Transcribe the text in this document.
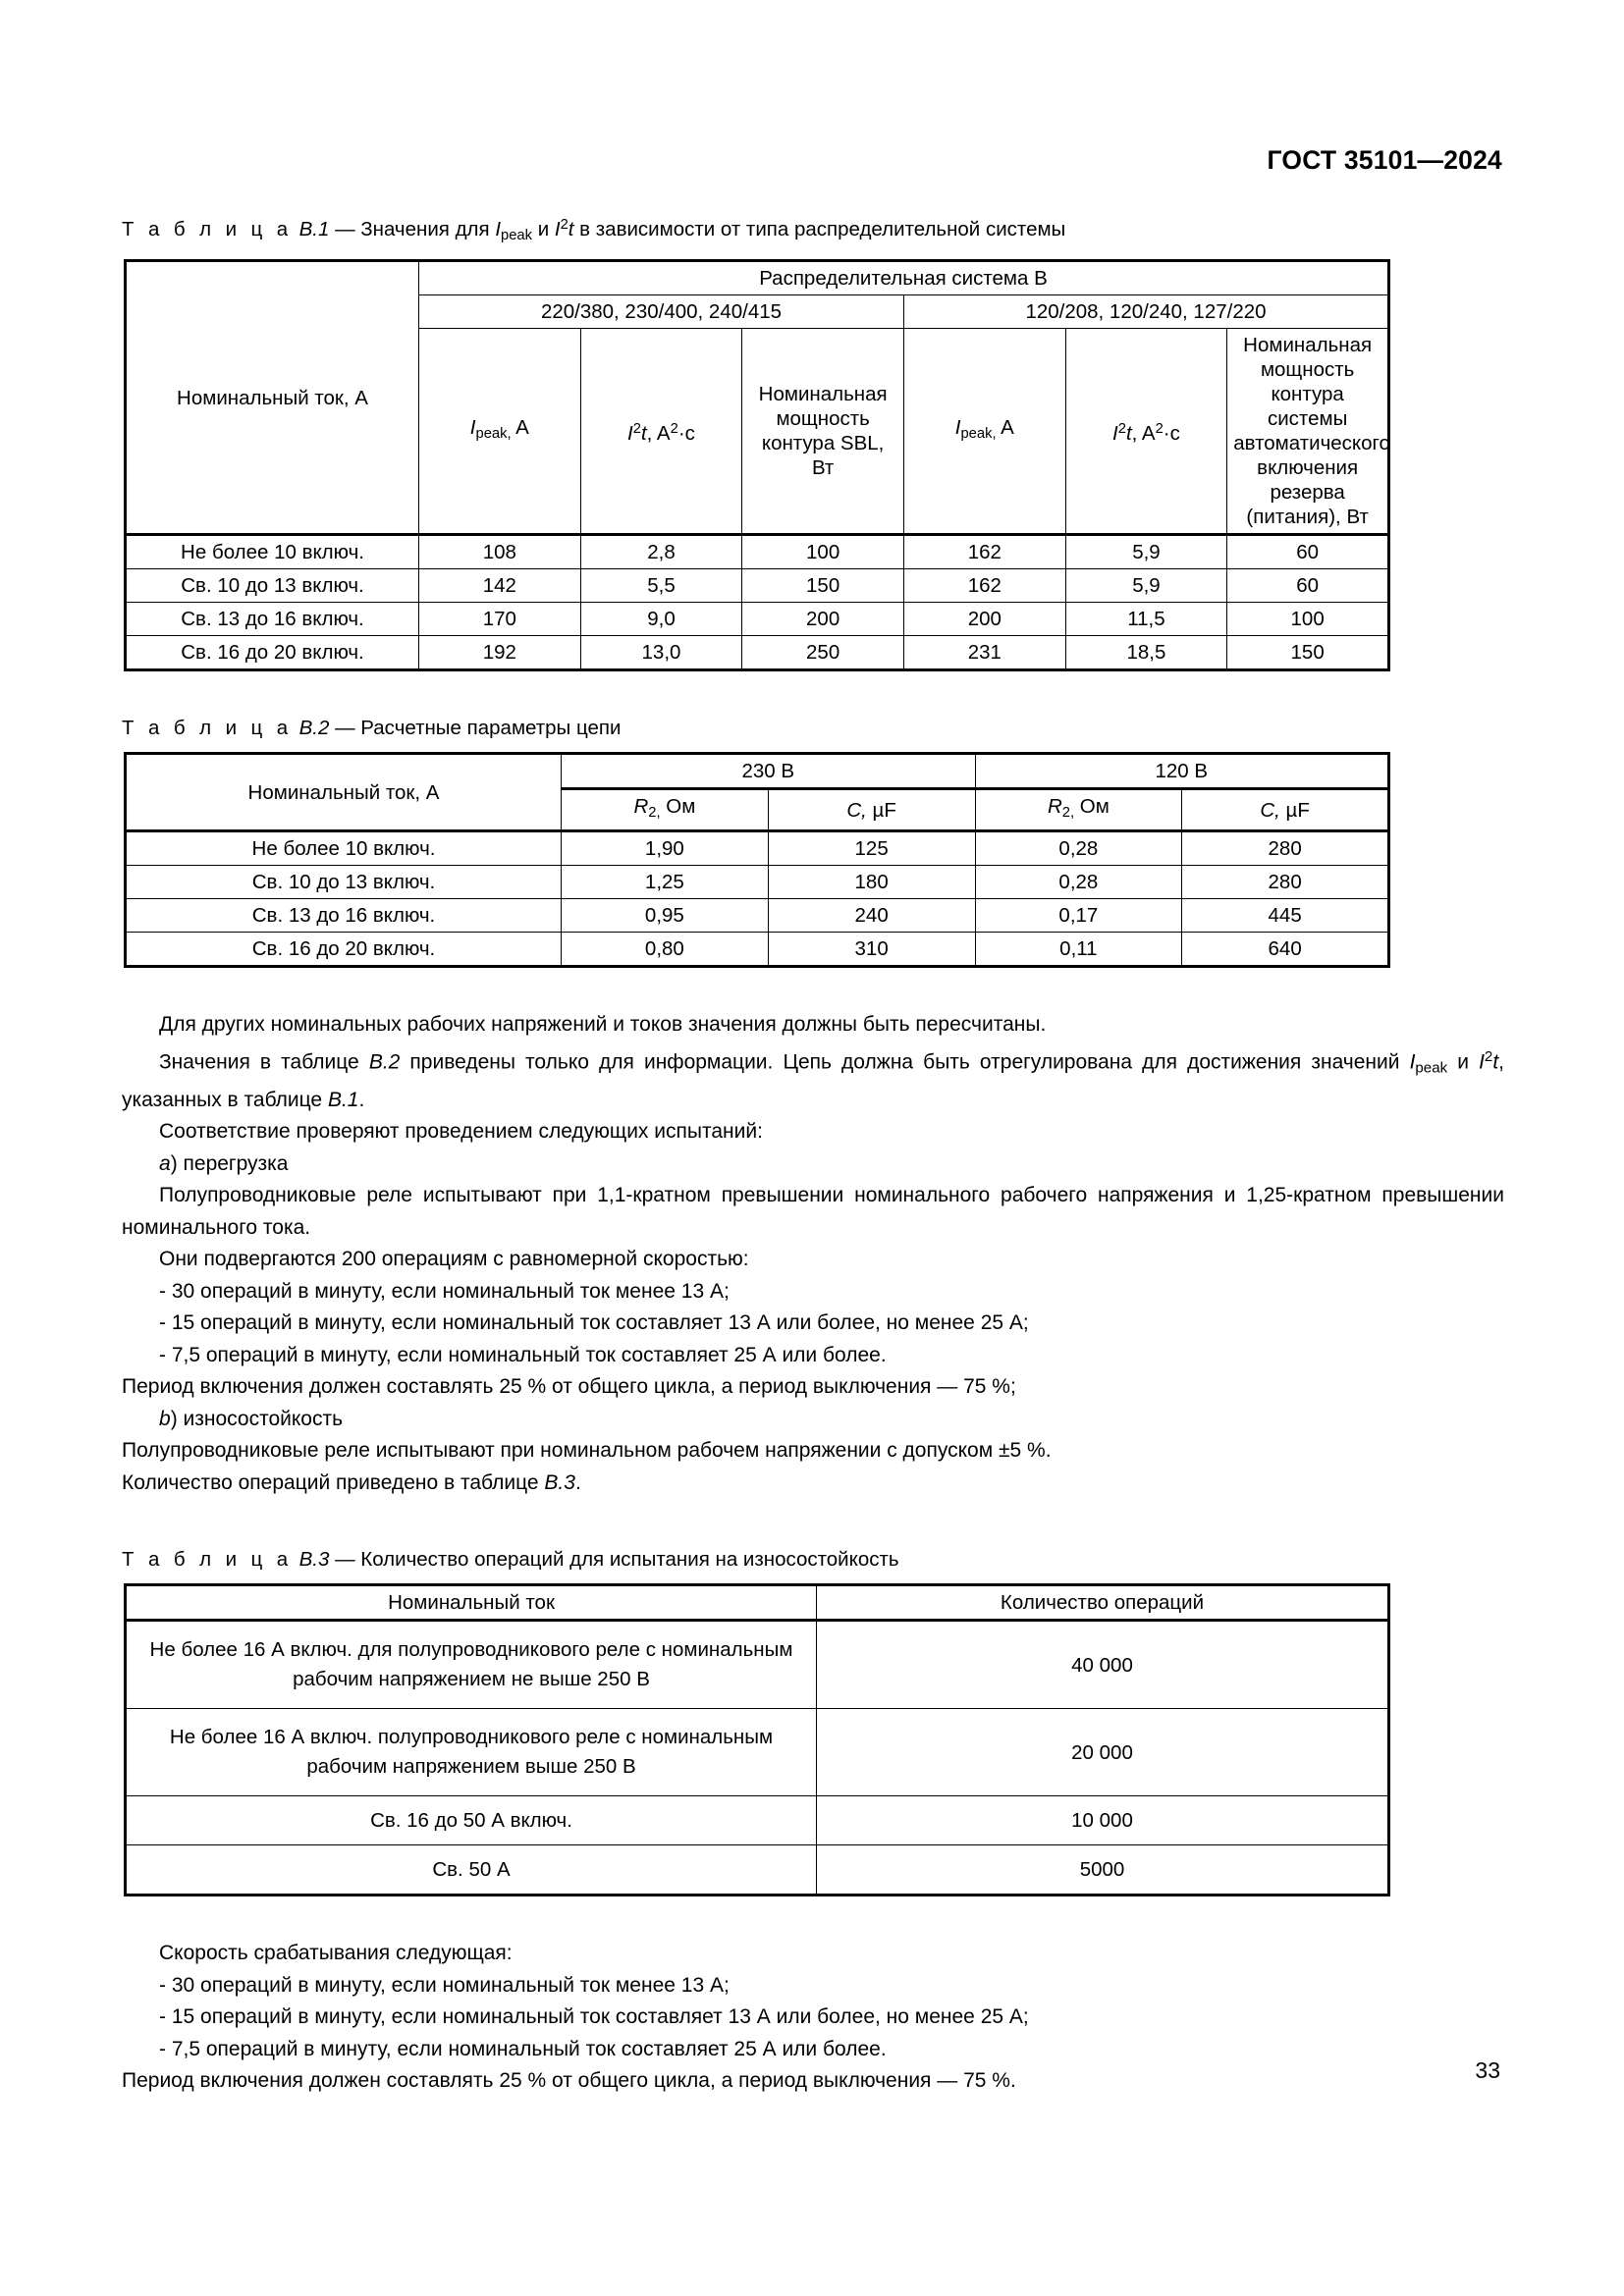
ГОСТ 35101—2024
Т а б л и ц а В.1 — Значения для $I_{peak}$ и $I^2t$ в зависимости от типа распределительной системы
Номинальный ток, А	Распределительная система В					
	220/380, 230/400, 240/415			120/208, 120/240, 127/220		
	$I_{peak,}$ A	$I^2t$, $A^2\cdot c$	Номинальная мощность контура SBL, Вт	$I_{peak,}$ A	$I^2t$, $A^2\cdot c$	Номинальная мощность контура системы автоматического включения резерва (питания), Вт
Не более 10 включ.	108	2,8	100	162	5,9	60
Св. 10 до 13 включ.	142	5,5	150	162	5,9	60
Св. 13 до 16 включ.	170	9,0	200	200	11,5	100
Св. 16 до 20 включ.	192	13,0	250	231	18,5	150
Т а б л и ц а В.2 — Расчетные параметры цепи
Номинальный ток, А	230 В		120 В	
	$R_{2,}$ Ом	C, µF	$R_{2,}$ Ом	C, µF
Не более 10 включ.	1,90	125	0,28	280
Св. 10 до 13 включ.	1,25	180	0,28	280
Св. 13 до 16 включ.	0,95	240	0,17	445
Св. 16 до 20 включ.	0,80	310	0,11	640

Для других номинальных рабочих напряжений и токов значения должны быть пересчитаны.

Значения в таблице В.2 приведены только для информации. Цепь должна быть отрегулирована для достижения значений $I_{peak}$ и $I^2t$, указанных в таблице В.1.

Соответствие проверяют проведением следующих испытаний:

a) перегрузка

Полупроводниковые реле испытывают при 1,1-кратном превышении номинального рабочего напряжения и 1,25-кратном превышении номинального тока.

Они подвергаются 200 операциям с равномерной скоростью:

- 30 операций в минуту, если номинальный ток менее 13 А;

- 15 операций в минуту, если номинальный ток составляет 13 А или более, но менее 25 А;

- 7,5 операций в минуту, если номинальный ток составляет 25 А или более.

Период включения должен составлять 25 % от общего цикла, а период выключения — 75 %;

b) износостойкость

Полупроводниковые реле испытывают при номинальном рабочем напряжении с допуском ±5 %.

Количество операций приведено в таблице В.3.

Т а б л и ц а В.3 — Количество операций для испытания на износостойкость
Номинальный ток	Количество операций
Не более 16 А включ. для полупроводникового реле с номинальным рабочим напряжением не выше 250 В	40 000
Не более 16 А включ. полупроводникового реле с номинальным рабочим напряжением выше 250 В	20 000
Св. 16 до 50 А включ.	10 000
Св. 50 А	5000

Скорость срабатывания следующая:

- 30 операций в минуту, если номинальный ток менее 13 А;

- 15 операций в минуту, если номинальный ток составляет 13 А или более, но менее 25 А;

- 7,5 операций в минуту, если номинальный ток составляет 25 А или более.

Период включения должен составлять 25 % от общего цикла, а период выключения — 75 %.	33
